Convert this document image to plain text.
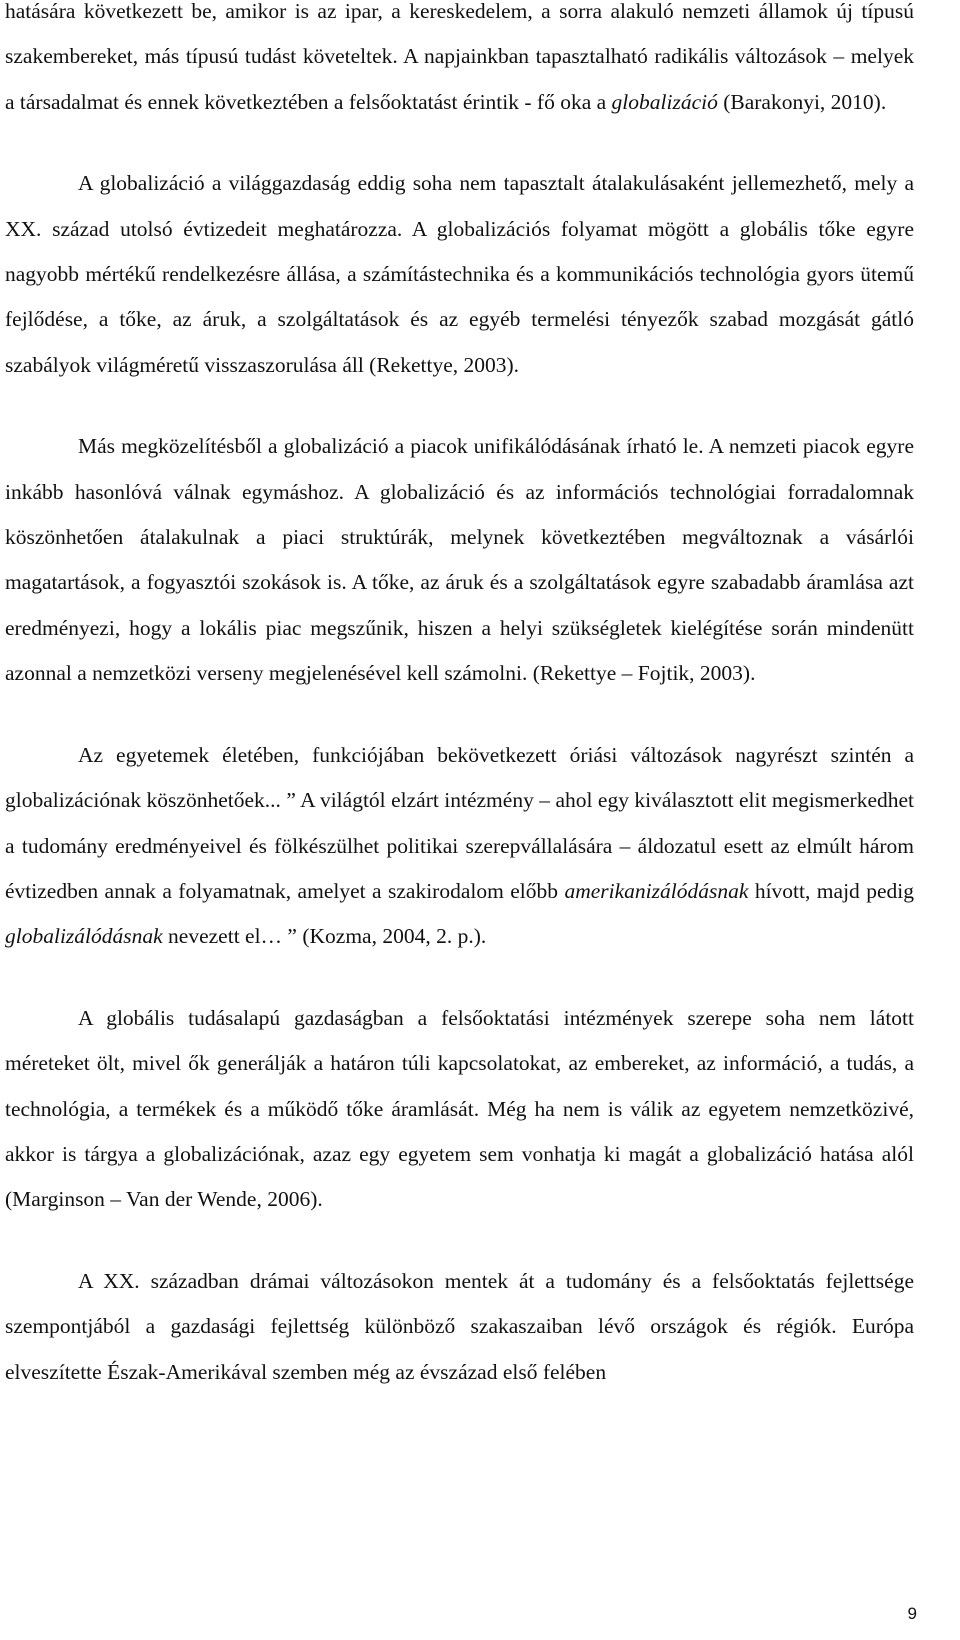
hatására következett be, amikor is az ipar, a kereskedelem, a sorra alakuló nemzeti államok új típusú szakembereket, más típusú tudást követeltek. A napjainkban tapasztalható radikális változások – melyek a társadalmat és ennek következtében a felsőoktatást érintik - fő oka a globalizáció (Barakonyi, 2010).

A globalizáció a világgazdaság eddig soha nem tapasztalt átalakulásaként jellemezhető, mely a XX. század utolsó évtizedeit meghatározza. A globalizációs folyamat mögött a globális tőke egyre nagyobb mértékű rendelkezésre állása, a számítástechnika és a kommunikációs technológia gyors ütemű fejlődése, a tőke, az áruk, a szolgáltatások és az egyéb termelési tényezők szabad mozgását gátló szabályok világméretű visszaszorulása áll (Rekettye, 2003).

Más megközelítésből a globalizáció a piacok unifikálódásának írható le. A nemzeti piacok egyre inkább hasonlóvá válnak egymáshoz. A globalizáció és az információs technológiai forradalomnak köszönhetően átalakulnak a piaci struktúrák, melynek következtében megváltoznak a vásárlói magatartások, a fogyasztói szokások is. A tőke, az áruk és a szolgáltatások egyre szabadabb áramlása azt eredményezi, hogy a lokális piac megszűnik, hiszen a helyi szükségletek kielégítése során mindenütt azonnal a nemzetközi verseny megjelenésével kell számolni. (Rekettye – Fojtik, 2003).

Az egyetemek életében, funkciójában bekövetkezett óriási változások nagyrészt szintén a globalizációnak köszönhetőek... ” A világtól elzárt intézmény – ahol egy kiválasztott elit megismerkedhet a tudomány eredményeivel és fölkészülhet politikai szerepvállalására – áldozatul esett az elmúlt három évtizedben annak a folyamatnak, amelyet a szakirodalom előbb amerikanizálódásnak hívott, majd pedig globalizálódásnak nevezett el… ” (Kozma, 2004, 2. p.).

A globális tudásalapú gazdaságban a felsőoktatási intézmények szerepe soha nem látott méreteket ölt, mivel ők generálják a határon túli kapcsolatokat, az embereket, az információ, a tudás, a technológia, a termékek és a működő tőke áramlását. Még ha nem is válik az egyetem nemzetközivé, akkor is tárgya a globalizációnak, azaz egy egyetem sem vonhatja ki magát a globalizáció hatása alól (Marginson – Van der Wende, 2006).

A XX. században drámai változásokon mentek át a tudomány és a felsőoktatás fejlettsége szempontjából a gazdasági fejlettség különböző szakaszaiban lévő országok és régiók. Európa elveszítette Észak-Amerikával szemben még az évszázad első felében

9
